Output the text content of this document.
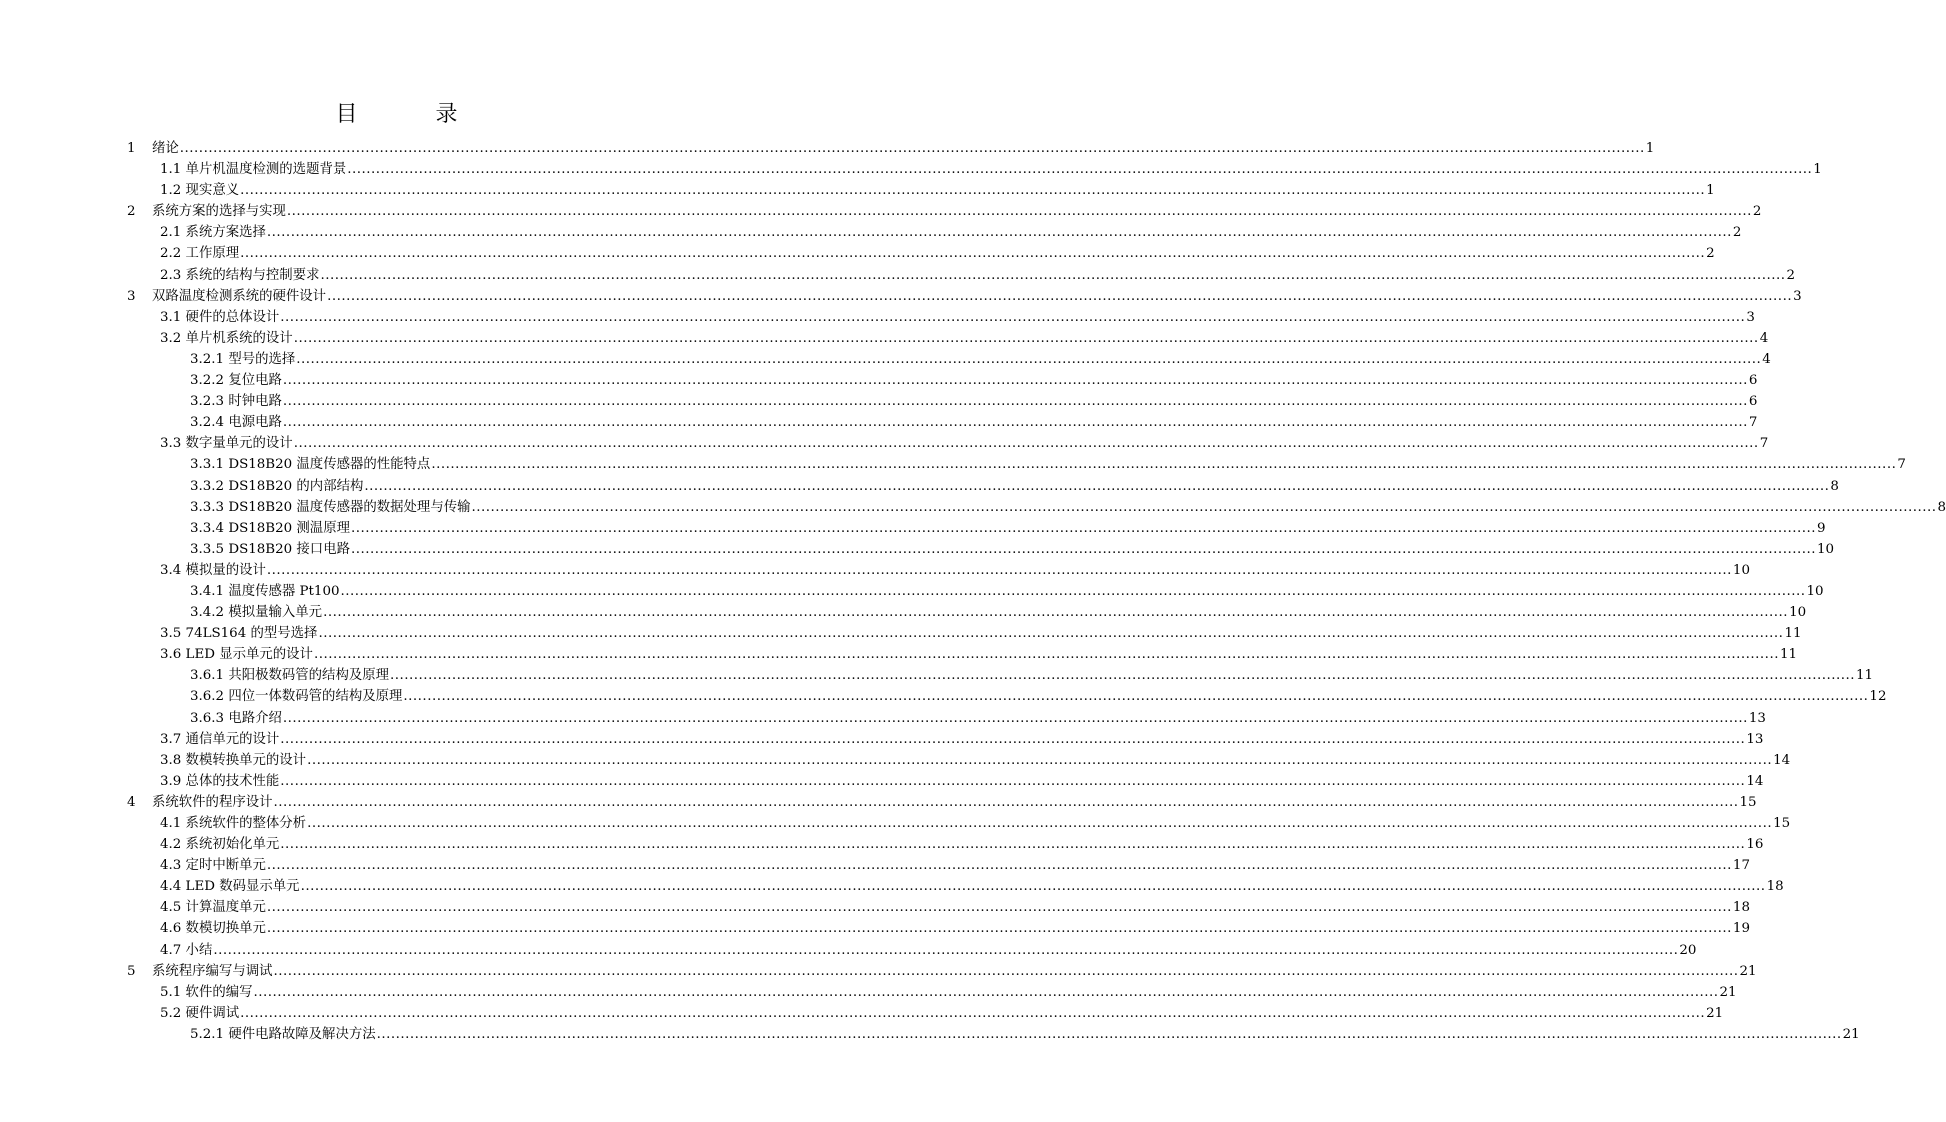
目　录
1 绪论 .................................................................................................................................................................................................................................................................................................................... 1
1.1 单片机温度检测的选题背景 .................................................................................................................................................................................................................................................................................................................... 1
1.2 现实意义 .................................................................................................................................................................................................................................................................................................................... 1
2 系统方案的选择与实现 .................................................................................................................................................................................................................................................................................................................... 2
2.1 系统方案选择 .................................................................................................................................................................................................................................................................................................................... 2
2.2 工作原理 .................................................................................................................................................................................................................................................................................................................... 2
2.3 系统的结构与控制要求 .................................................................................................................................................................................................................................................................................................................... 2
3 双路温度检测系统的硬件设计 .................................................................................................................................................................................................................................................................................................................... 3
3.1 硬件的总体设计 .................................................................................................................................................................................................................................................................................................................... 3
3.2 单片机系统的设计 .................................................................................................................................................................................................................................................................................................................... 4
3.2.1 型号的选择 .................................................................................................................................................................................................................................................................................................................... 4
3.2.2 复位电路 .................................................................................................................................................................................................................................................................................................................... 6
3.2.3 时钟电路 .................................................................................................................................................................................................................................................................................................................... 6
3.2.4 电源电路 .................................................................................................................................................................................................................................................................................................................... 7
3.3 数字量单元的设计 .................................................................................................................................................................................................................................................................................................................... 7
3.3.1 DS18B20 温度传感器的性能特点 .................................................................................................................................................................................................................................................................................................................... 7
3.3.2 DS18B20 的内部结构 .................................................................................................................................................................................................................................................................................................................... 8
3.3.3 DS18B20 温度传感器的数据处理与传输 .................................................................................................................................................................................................................................................................................................................... 8
3.3.4 DS18B20 测温原理 .................................................................................................................................................................................................................................................................................................................... 9
3.3.5 DS18B20 接口电路 .................................................................................................................................................................................................................................................................................................................... 10
3.4 模拟量的设计 .................................................................................................................................................................................................................................................................................................................... 10
3.4.1 温度传感器 Pt100 .................................................................................................................................................................................................................................................................................................................... 10
3.4.2 模拟量输入单元 .................................................................................................................................................................................................................................................................................................................... 10
3.5 74LS164 的型号选择 .................................................................................................................................................................................................................................................................................................................... 11
3.6 LED 显示单元的设计 .................................................................................................................................................................................................................................................................................................................... 11
3.6.1 共阳极数码管的结构及原理 .................................................................................................................................................................................................................................................................................................................... 11
3.6.2 四位一体数码管的结构及原理 .................................................................................................................................................................................................................................................................................................................... 12
3.6.3 电路介绍 .................................................................................................................................................................................................................................................................................................................... 13
3.7 通信单元的设计 .................................................................................................................................................................................................................................................................................................................... 13
3.8 数模转换单元的设计 .................................................................................................................................................................................................................................................................................................................... 14
3.9 总体的技术性能 .................................................................................................................................................................................................................................................................................................................... 14
4 系统软件的程序设计 .................................................................................................................................................................................................................................................................................................................... 15
4.1 系统软件的整体分析 .................................................................................................................................................................................................................................................................................................................... 15
4.2 系统初始化单元 .................................................................................................................................................................................................................................................................................................................... 16
4.3 定时中断单元 .................................................................................................................................................................................................................................................................................................................... 17
4.4 LED 数码显示单元 .................................................................................................................................................................................................................................................................................................................... 18
4.5 计算温度单元 .................................................................................................................................................................................................................................................................................................................... 18
4.6 数模切换单元 .................................................................................................................................................................................................................................................................................................................... 19
4.7 小结 .................................................................................................................................................................................................................................................................................................................... 20
5 系统程序编写与调试 .................................................................................................................................................................................................................................................................................................................... 21
5.1 软件的编写 .................................................................................................................................................................................................................................................................................................................... 21
5.2 硬件调试 .................................................................................................................................................................................................................................................................................................................... 21
5.2.1 硬件电路故障及解决方法 .................................................................................................................................................................................................................................................................................................................... 21
